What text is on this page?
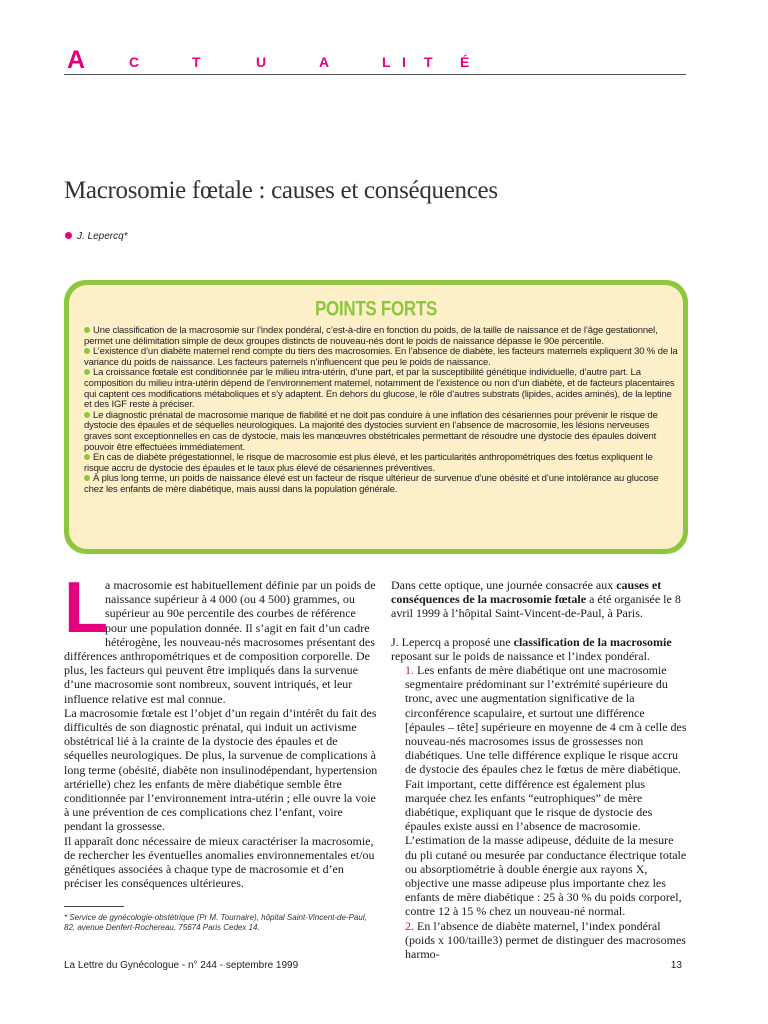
A	C	T	U	A	L I T É
Macrosomie fœtale : causes et conséquences
J. Lepercq*
POINTS FORTS
Une classification de la macrosomie sur l’index pondéral, c’est-à-dire en fonction du poids, de la taille de naissance et de l’âge gestationnel, permet une délimitation simple de deux groupes distincts de nouveau-nés dont le poids de naissance dépasse le 90e percentile.
L’existence d’un diabète maternel rend compte du tiers des macrosomies. En l’absence de diabète, les facteurs maternels expliquent 30 % de la variance du poids de naissance. Les facteurs paternels n’influencent que peu le poids de naissance.
La croissance fœtale est conditionnée par le milieu intra-utérin, d’une part, et par la susceptibilité génétique individuelle, d’autre part. La composition du milieu intra-utérin dépend de l’environnement maternel, notamment de l’existence ou non d’un diabète, et de facteurs placentaires qui captent ces modifications métaboliques et s’y adaptent. En dehors du glucose, le rôle d’autres substrats (lipides, acides aminés), de la leptine et des IGF reste à préciser.
Le diagnostic prénatal de macrosomie manque de fiabilité et ne doit pas conduire à une inflation des césariennes pour prévenir le risque de dystocie des épaules et de séquelles neurologiques. La majorité des dystocies survient en l’absence de macrosomie, les lésions nerveuses graves sont exceptionnelles en cas de dystocie, mais les manœuvres obstétricales permettant de résoudre une dystocie des épaules doivent pouvoir être effectuées immédiatement.
En cas de diabète prégestationnel, le risque de macrosomie est plus élevé, et les particularités anthropométriques des fœtus expliquent le risque accru de dystocie des épaules et le taux plus élevé de césariennes préventives.
À plus long terme, un poids de naissance élevé est un facteur de risque ultérieur de survenue d’une obésité et d’une intolérance au glucose chez les enfants de mère diabétique, mais aussi dans la population générale.
L

a macrosomie est habituellement définie par un poids de naissance supérieur à 4 000 (ou 4 500) grammes, ou supérieur au 90e percentile des courbes de référence pour une population donnée. Il s’agit en fait d’un cadre hétérogène, les nouveau-nés macrosomes présentant des différences anthropométriques et de composition corporelle. De plus, les facteurs qui peuvent être impliqués dans la survenue d’une macrosomie sont nombreux, souvent intriqués, et leur influence relative est mal connue.

La macrosomie fœtale est l’objet d’un regain d’intérêt du fait des difficultés de son diagnostic prénatal, qui induit un activisme obstétrical lié à la crainte de la dystocie des épaules et de séquelles neurologiques. De plus, la survenue de complications à long terme (obésité, diabète non insulinodépendant, hypertension artérielle) chez les enfants de mère diabétique semble être conditionnée par l’environnement intra-utérin ; elle ouvre la voie à une prévention de ces complications chez l’enfant, voire pendant la grossesse.

Il apparaît donc nécessaire de mieux caractériser la macrosomie, de rechercher les éventuelles anomalies environnementales et/ou génétiques associées à chaque type de macrosomie et d’en préciser les conséquences ultérieures.

Dans cette optique, une journée consacrée aux causes et conséquences de la macrosomie fœtale a été organisée le 8 avril 1999 à l’hôpital Saint-Vincent-de-Paul, à Paris.

J. Lepercq a proposé une classification de la macrosomie reposant sur le poids de naissance et l’index pondéral.

1. Les enfants de mère diabétique ont une macrosomie segmentaire prédominant sur l’extrémité supérieure du tronc, avec une augmentation significative de la circonférence scapulaire, et surtout une différence [épaules – tête] supérieure en moyenne de 4 cm à celle des nouveau-nés macrosomes issus de grossesses non diabétiques. Une telle différence explique le risque accru de dystocie des épaules chez le fœtus de mère diabétique. Fait important, cette différence est également plus marquée chez les enfants “eutrophiques” de mère diabétique, expliquant que le risque de dystocie des épaules existe aussi en l’absence de macrosomie. L’estimation de la masse adipeuse, déduite de la mesure du pli cutané ou mesurée par conductance électrique totale ou absorptiométrie à double énergie aux rayons X, objective une masse adipeuse plus importante chez les enfants de mère diabétique : 25 à 30 % du poids corporel, contre 12 à 15 % chez un nouveau-né normal.

2. En l’absence de diabète maternel, l’index pondéral (poids x 100/taille3) permet de distinguer des macrosomes harmo-

* Service de gynécologie-obstétrique (Pr M. Tournaire), hôpital Saint-Vincent-de-Paul, 82, avenue Denfert-Rochereau, 75674 Paris Cedex 14.
La Lettre du Gynécologue - n° 244 - septembre 1999	13
